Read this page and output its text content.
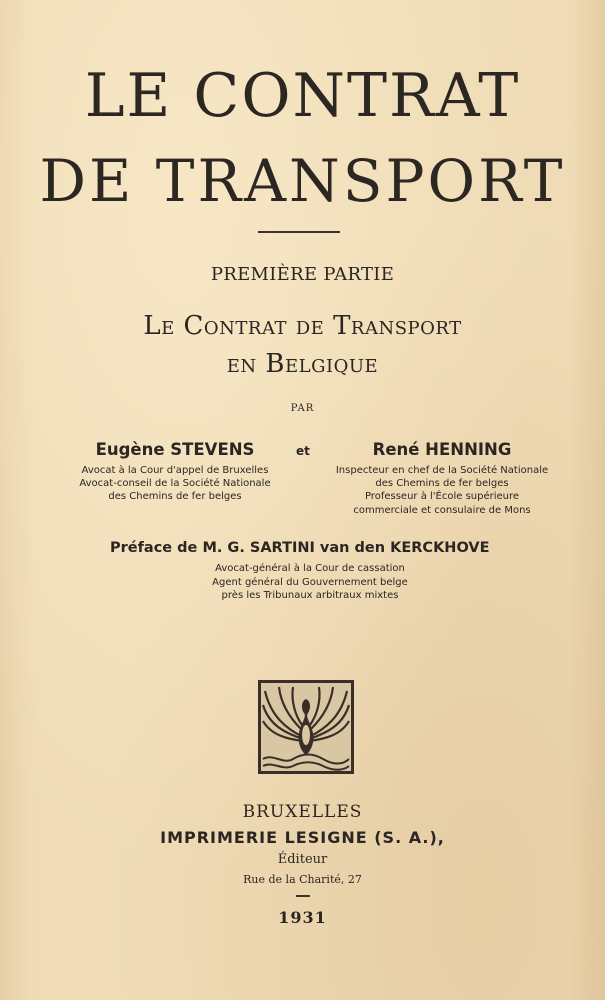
LE CONTRAT
DE TRANSPORT
PREMIÈRE PARTIE
Le Contrat de Transport
en Belgique
PAR
Eugène STEVENS
Avocat à la Cour d'appel de Bruxelles
Avocat-conseil de la Société Nationale
des Chemins de fer belges
et	René HENNING
Inspecteur en chef de la Société Nationale
des Chemins de fer belges
Professeur à l'École supérieure
commerciale et consulaire de Mons
Préface de M. G. SARTINI van den KERCKHOVE
Avocat-général à la Cour de cassation
Agent général du Gouvernement belge
près les Tribunaux arbitraux mixtes
BRUXELLES
IMPRIMERIE LESIGNE (S. A.),
Éditeur
Rue de la Charité, 27
1931
